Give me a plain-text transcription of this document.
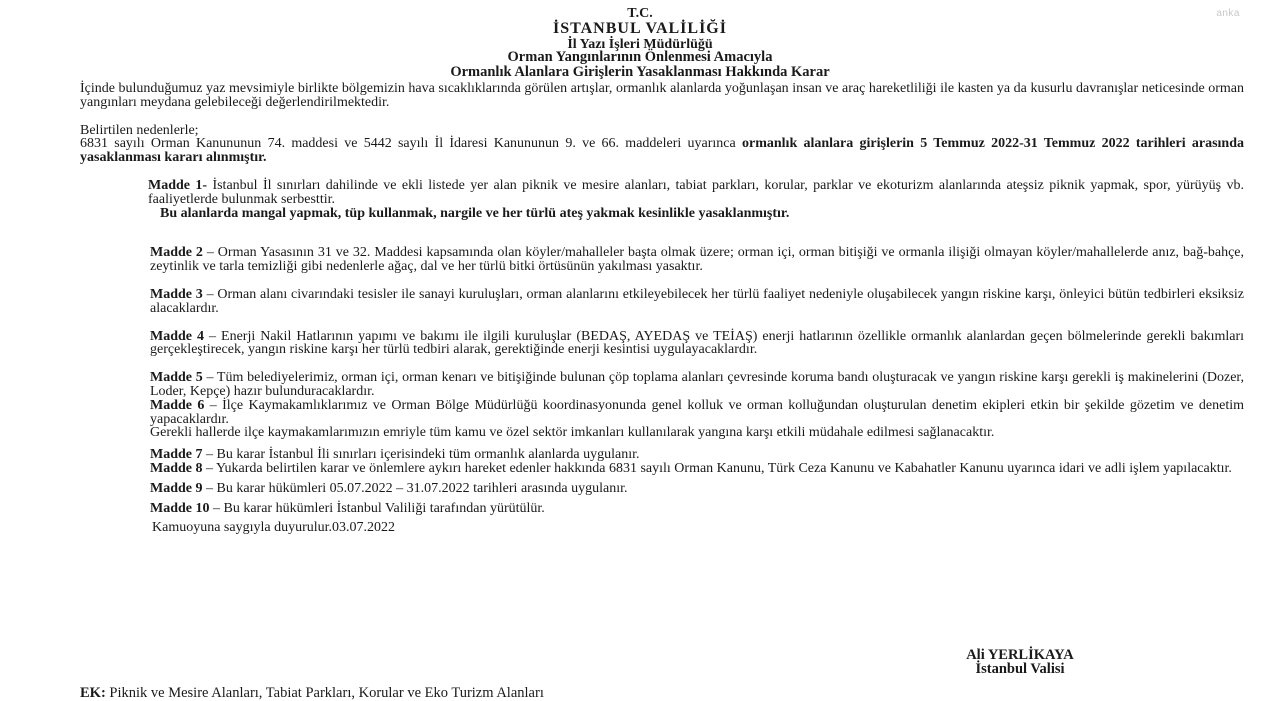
anka
T.C.
İSTANBUL VALİLİĞİ
İl Yazı İşleri Müdürlüğü
Orman Yangınlarının Önlenmesi Amacıyla
Ormanlık Alanlara Girişlerin Yasaklanması Hakkında Karar

İçinde bulunduğumuz yaz mevsimiyle birlikte bölgemizin hava sıcaklıklarında görülen artışlar, ormanlık alanlarda yoğunlaşan insan ve araç hareketliliği ile kasten ya da kusurlu davranışlar neticesinde orman yangınları meydana gelebileceği değerlendirilmektedir.

Belirtilen nedenlerle;

6831 sayılı Orman Kanununun 74. maddesi ve 5442 sayılı İl İdaresi Kanununun 9. ve 66. maddeleri uyarınca ormanlık alanlara girişlerin 5 Temmuz 2022-31 Temmuz 2022 tarihleri arasında yasaklanması kararı alınmıştır.

Madde 1- İstanbul İl sınırları dahilinde ve ekli listede yer alan piknik ve mesire alanları, tabiat parkları, korular, parklar ve ekoturizm alanlarında ateşsiz piknik yapmak, spor, yürüyüş vb. faaliyetlerde bulunmak serbesttir.

Bu alanlarda mangal yapmak, tüp kullanmak, nargile ve her türlü ateş yakmak kesinlikle yasaklanmıştır.

Madde 2 – Orman Yasasının 31 ve 32. Maddesi kapsamında olan köyler/mahalleler başta olmak üzere; orman içi, orman bitişiği ve ormanla ilişiği olmayan köyler/mahallelerde anız, bağ-bahçe, zeytinlik ve tarla temizliği gibi nedenlerle ağaç, dal ve her türlü bitki örtüsünün yakılması yasaktır.

Madde 3 – Orman alanı civarındaki tesisler ile sanayi kuruluşları, orman alanlarını etkileyebilecek her türlü faaliyet nedeniyle oluşabilecek yangın riskine karşı, önleyici bütün tedbirleri eksiksiz alacaklardır.

Madde 4 – Enerji Nakil Hatlarının yapımı ve bakımı ile ilgili kuruluşlar (BEDAŞ, AYEDAŞ ve TEİAŞ) enerji hatlarının özellikle ormanlık alanlardan geçen bölmelerinde gerekli bakımları gerçekleştirecek, yangın riskine karşı her türlü tedbiri alarak, gerektiğinde enerji kesintisi uygulayacaklardır.

Madde 5 – Tüm belediyelerimiz, orman içi, orman kenarı ve bitişiğinde bulunan çöp toplama alanları çevresinde koruma bandı oluşturacak ve yangın riskine karşı gerekli iş makinelerini (Dozer, Loder, Kepçe) hazır bulunduracaklardır.

Madde 6 – İlçe Kaymakamlıklarımız ve Orman Bölge Müdürlüğü koordinasyonunda genel kolluk ve orman kolluğundan oluşturulan denetim ekipleri etkin bir şekilde gözetim ve denetim yapacaklardır.

Gerekli hallerde ilçe kaymakamlarımızın emriyle tüm kamu ve özel sektör imkanları kullanılarak yangına karşı etkili müdahale edilmesi sağlanacaktır.

Madde 7 – Bu karar İstanbul İli sınırları içerisindeki tüm ormanlık alanlarda uygulanır.

Madde 8 – Yukarda belirtilen karar ve önlemlere aykırı hareket edenler hakkında 6831 sayılı Orman Kanunu, Türk Ceza Kanunu ve Kabahatler Kanunu uyarınca idari ve adli işlem yapılacaktır.

Madde 9 – Bu karar hükümleri 05.07.2022 – 31.07.2022 tarihleri arasında uygulanır.

Madde 10 – Bu karar hükümleri İstanbul Valiliği tarafından yürütülür.

Kamuoyuna saygıyla duyurulur.03.07.2022

Ali YERLİKAYA
İstanbul Valisi
EK: Piknik ve Mesire Alanları, Tabiat Parkları, Korular ve Eko Turizm Alanları
